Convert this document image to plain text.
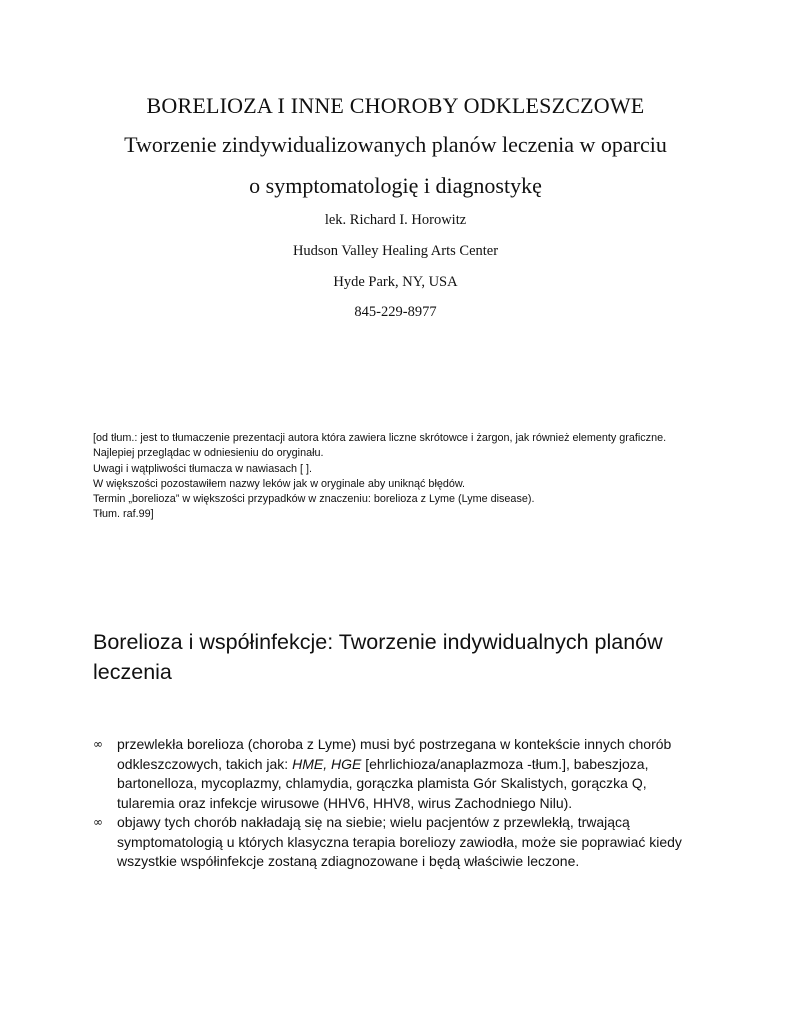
BORELIOZA I INNE CHOROBY ODKLESZCZOWE
Tworzenie zindywidualizowanych planów leczenia w oparciu
o symptomatologię i diagnostykę
lek. Richard I. Horowitz
Hudson Valley Healing Arts Center
Hyde Park, NY, USA
845-229-8977

[od tłum.: jest to tłumaczenie prezentacji autora która zawiera liczne skrótowce i żargon, jak również elementy graficzne. Najlepiej przeglądac w odniesieniu do oryginału.

Uwagi i wątpliwości tłumacza w nawiasach [ ].

W większości pozostawiłem nazwy leków jak w oryginale aby uniknąć błędów.

Termin „borelioza” w większości przypadków w znaczeniu: borelioza z Lyme (Lyme disease).

Tłum. raf.99]

Borelioza i współinfekcje: Tworzenie indywidualnych planów leczenia
∞ przewlekła borelioza (choroba z Lyme) musi być postrzegana w kontekście innych chorób odkleszczowych, takich jak: HME, HGE [ehrlichioza/anaplazmoza -tłum.], babeszjoza, bartonelloza, mycoplazmy, chlamydia, gorączka plamista Gór Skalistych, gorączka Q, tularemia oraz infekcje wirusowe (HHV6, HHV8, wirus Zachodniego Nilu).
∞ objawy tych chorób nakładają się na siebie; wielu pacjentów z przewlekłą, trwającą symptomatologią u których klasyczna terapia boreliozy zawiodła, może sie poprawiać kiedy wszystkie współinfekcje zostaną zdiagnozowane i będą właściwie leczone.
